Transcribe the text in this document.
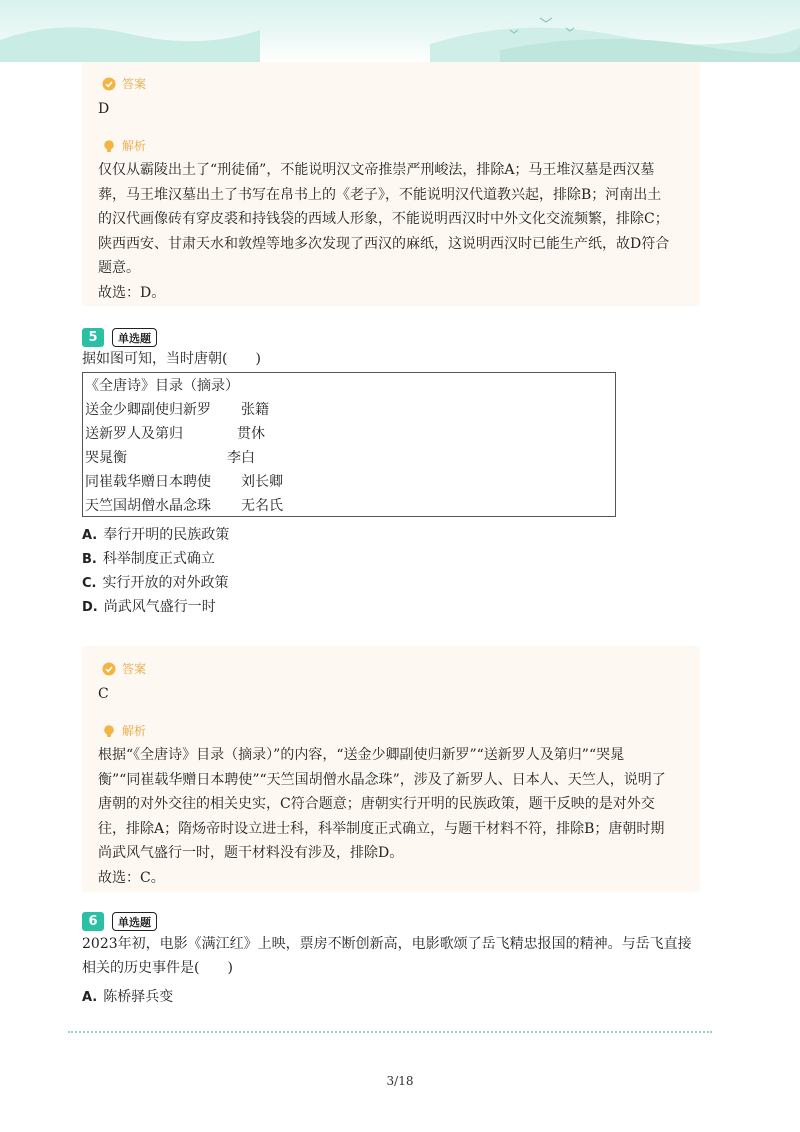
答案
D
解析

仅仅从霸陵出土了“刑徒俑”，不能说明汉文帝推崇严刑峻法，排除A；马王堆汉墓是西汉墓

葬，马王堆汉墓出土了书写在帛书上的《老子》，不能说明汉代道教兴起，排除B；河南出土

的汉代画像砖有穿皮裘和持钱袋的西域人形象，不能说明西汉时中外文化交流频繁，排除C；

陕西西安、甘肃天水和敦煌等地多次发现了西汉的麻纸，这说明西汉时已能生产纸，故D符合

题意。

故选：D。

5	单选题
据如图可知，当时唐朝(　　)
《全唐诗》目录（摘录）
送金少卿副使归新罗 张籍
送新罗人及第归	贯休
哭晁衡	李白
同崔载华赠日本聘使 刘长卿
天竺国胡僧水晶念珠 无名氏
A. 奉行开明的民族政策
B. 科举制度正式确立
C. 实行开放的对外政策
D. 尚武风气盛行一时
答案
C
解析

根据“《全唐诗》目录（摘录）”的内容，“送金少卿副使归新罗”“送新罗人及第归”“哭晁

衡”“同崔载华赠日本聘使”“天竺国胡僧水晶念珠”，涉及了新罗人、日本人、天竺人，说明了

唐朝的对外交往的相关史实，C符合题意；唐朝实行开明的民族政策，题干反映的是对外交

往，排除A；隋炀帝时设立进士科，科举制度正式确立，与题干材料不符，排除B；唐朝时期

尚武风气盛行一时，题干材料没有涉及，排除D。

故选：C。

6	单选题
2023年初，电影《满江红》上映，票房不断创新高，电影歌颂了岳飞精忠报国的精神。与岳飞直接
相关的历史事件是(　　)
A. 陈桥驿兵变
3/18
